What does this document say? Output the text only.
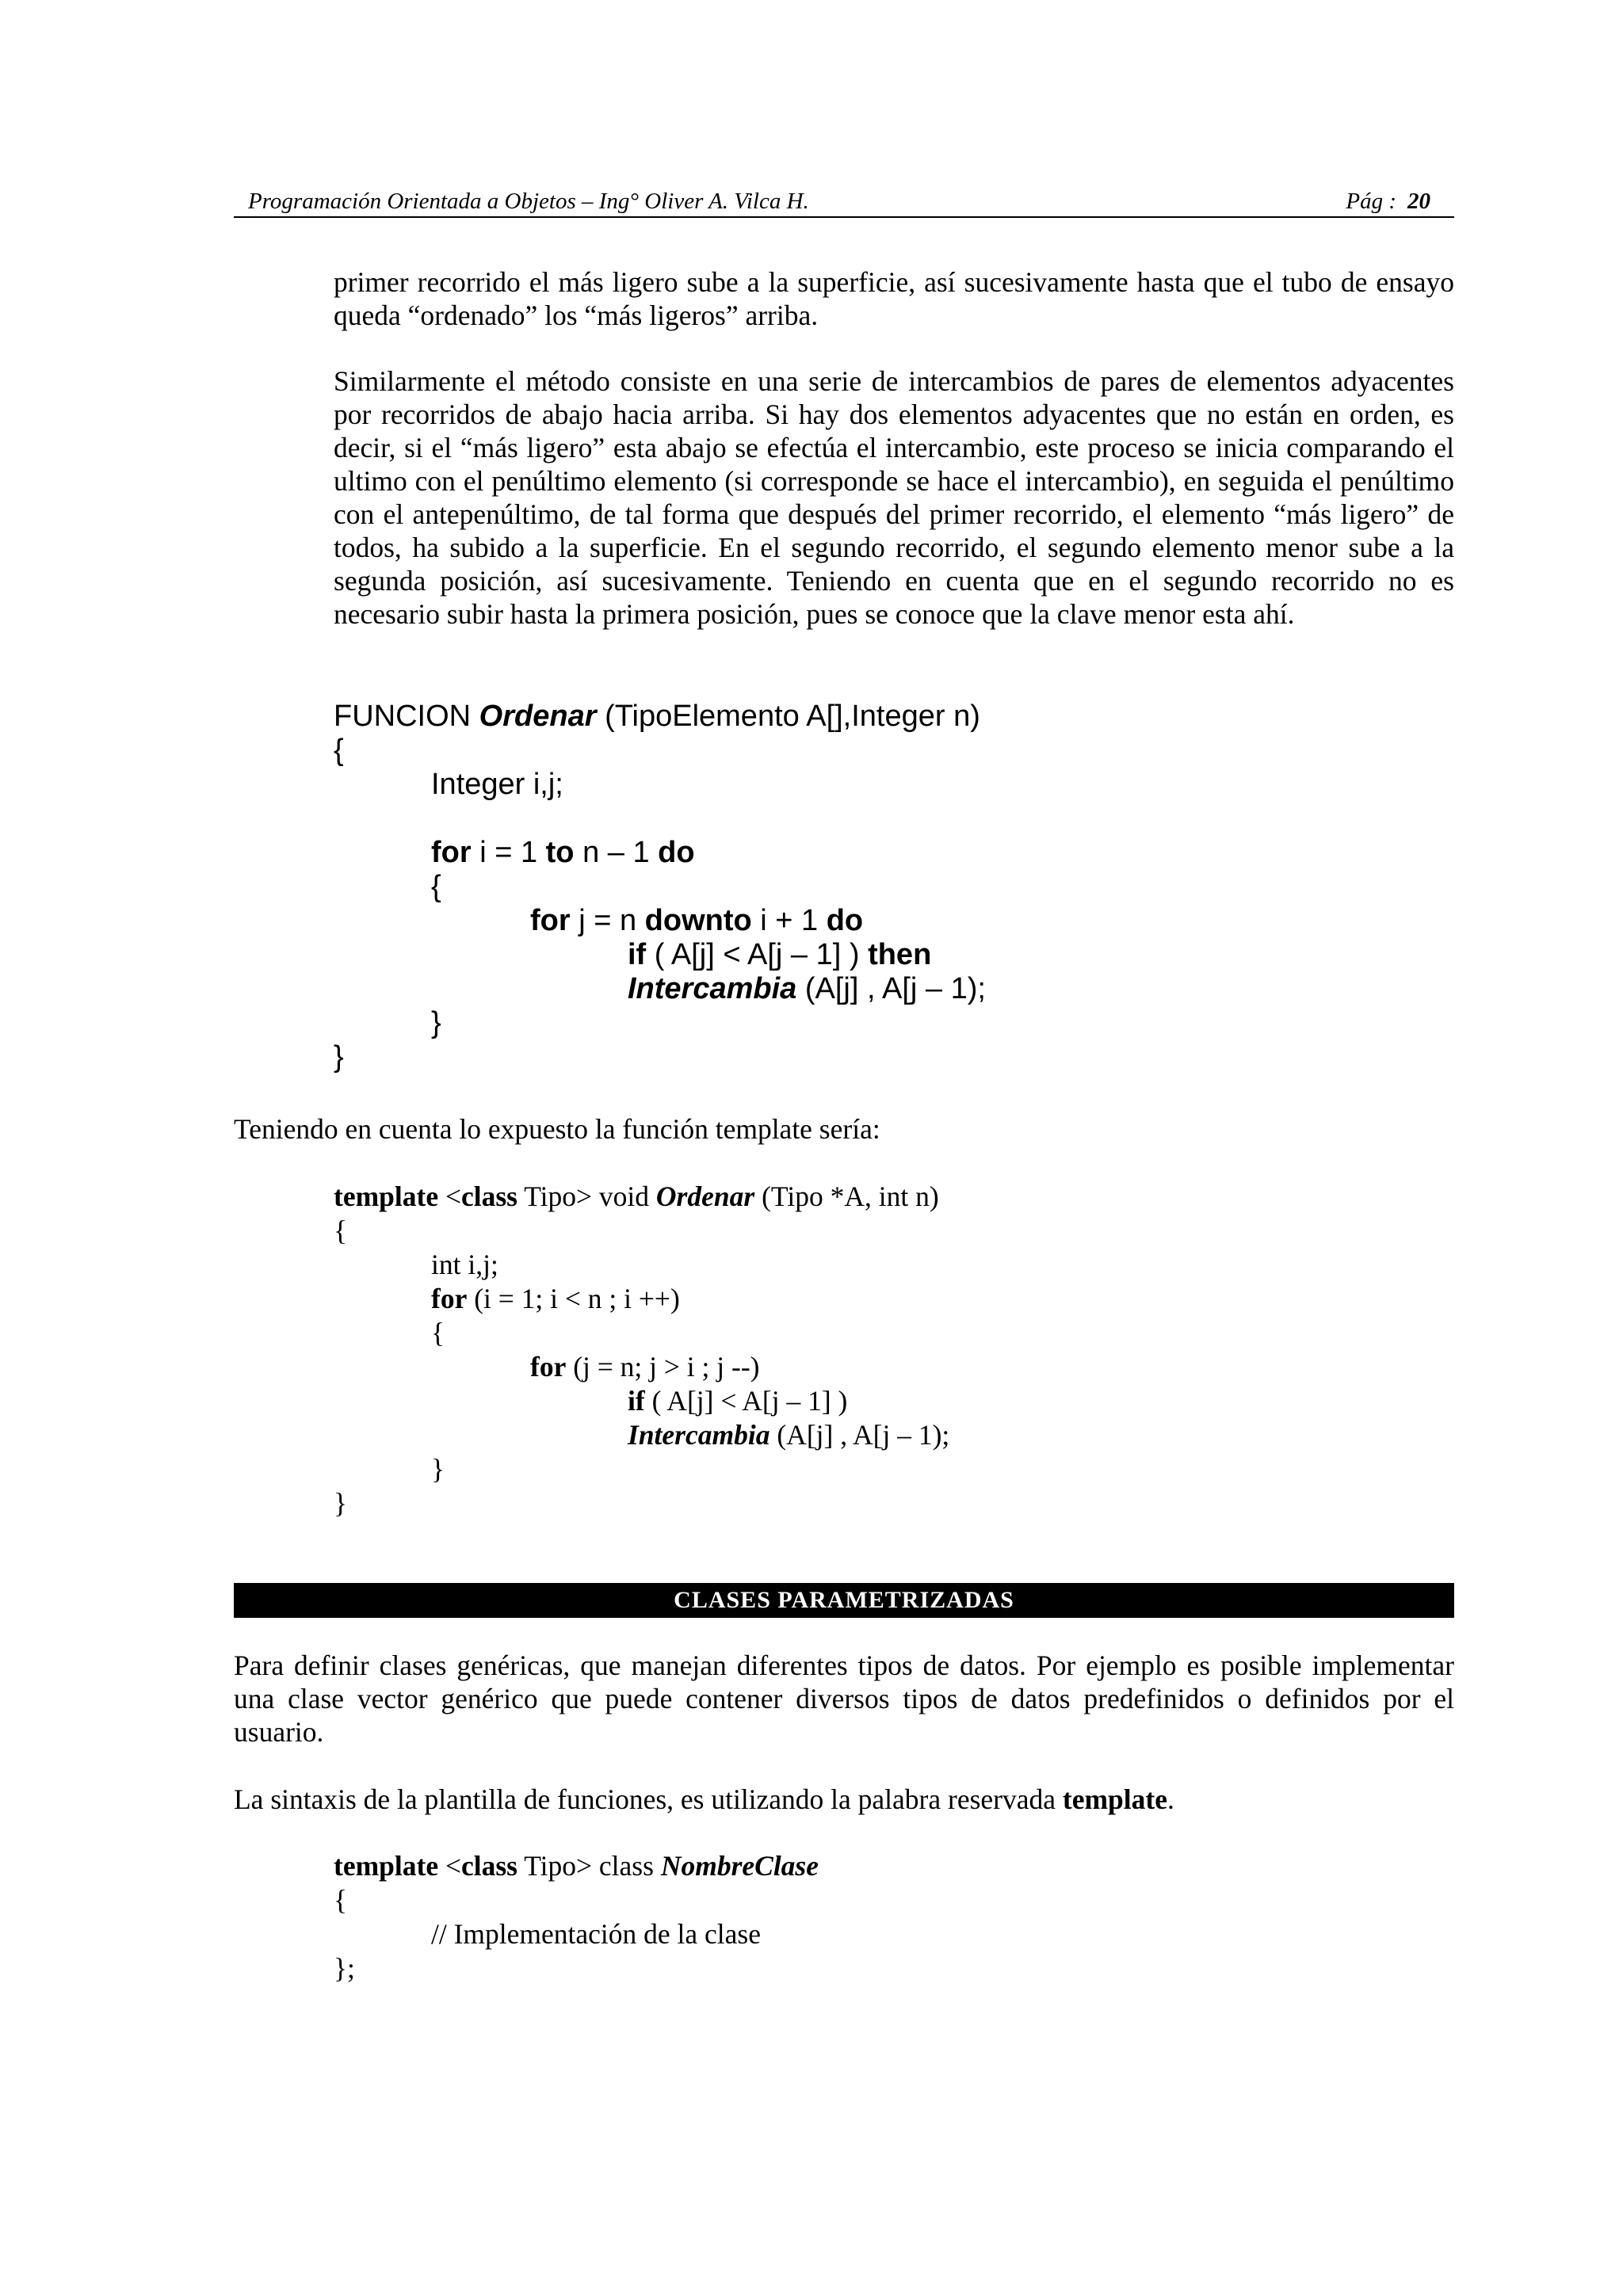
Programación Orientada a Objetos – Ing° Oliver A. Vilca H.	Pág : 20

primer recorrido el más ligero sube a la superficie, así sucesivamente hasta que el tubo de ensayo queda “ordenado” los “más ligeros” arriba.

Similarmente el método consiste en una serie de intercambios de pares de elementos adyacentes por recorridos de abajo hacia arriba. Si hay dos elementos adyacentes que no están en orden, es decir, si el “más ligero” esta abajo se efectúa el intercambio, este proceso se inicia comparando el ultimo con el penúltimo elemento (si corresponde se hace el intercambio), en seguida el penúltimo con el antepenúltimo, de tal forma que después del primer recorrido, el elemento “más ligero” de todos, ha subido a la superficie. En el segundo recorrido, el segundo elemento menor sube a la segunda posición, así sucesivamente. Teniendo en cuenta que en el segundo recorrido no es necesario subir hasta la primera posición, pues se conoce que la clave menor esta ahí.

FUNCION Ordenar (TipoElemento A[],Integer n)
{
Integer i,j;
for i = 1 to n – 1 do
{
for j = n downto i + 1 do
if ( A[j] < A[j – 1] ) then
Intercambia (A[j] , A[j – 1);
}
}

Teniendo en cuenta lo expuesto la función template sería:

template <class Tipo> void Ordenar (Tipo *A, int n)
{
int i,j;
for (i = 1; i < n ; i ++)
{
for (j = n; j > i ; j --)
if ( A[j] < A[j – 1] )
Intercambia (A[j] , A[j – 1);
}
}
CLASES PARAMETRIZADAS

Para definir clases genéricas, que manejan diferentes tipos de datos. Por ejemplo es posible implementar una clase vector genérico que puede contener diversos tipos de datos predefinidos o definidos por el usuario.

La sintaxis de la plantilla de funciones, es utilizando la palabra reservada template.

template <class Tipo> class NombreClase
{
// Implementación de la clase
};
